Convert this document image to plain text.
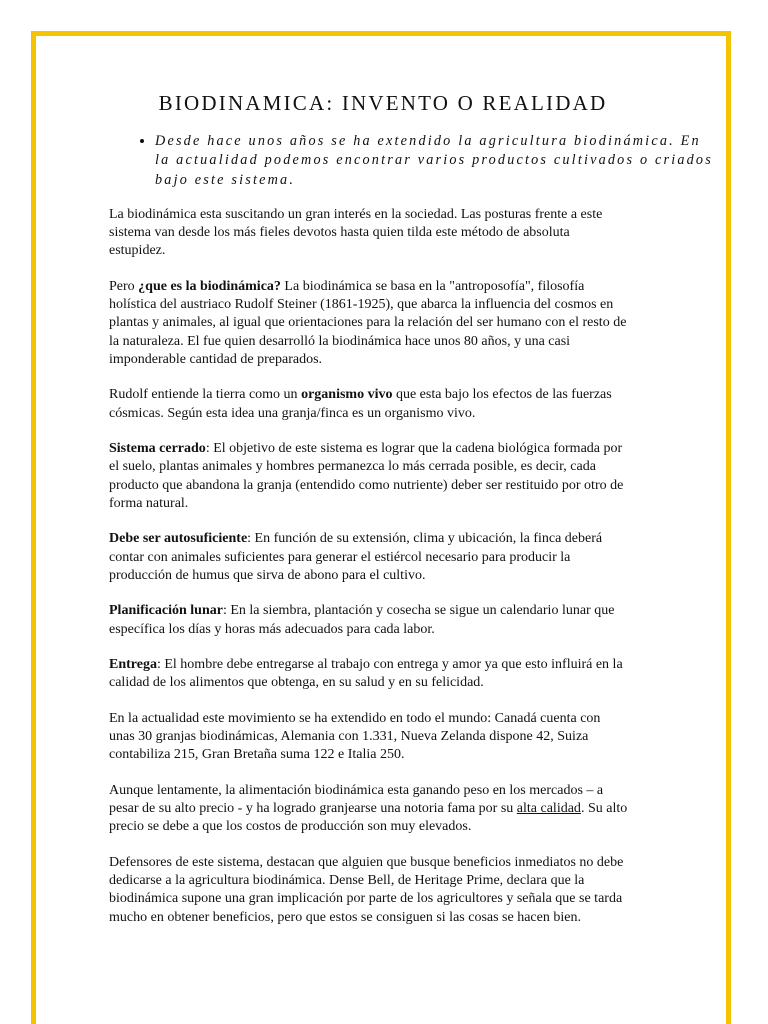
BIODINAMICA: INVENTO O REALIDAD
• Desde hace unos años se ha extendido la agricultura biodinámica. En la actualidad podemos encontrar varios productos cultivados o criados bajo este sistema.

La biodinámica esta suscitando un gran interés en la sociedad. Las posturas frente a este sistema van desde los más fieles devotos hasta quien tilda este método de absoluta estupidez.

Pero ¿que es la biodinámica? La biodinámica se basa en la "antroposofía", filosofía holística del austriaco Rudolf Steiner (1861-1925), que abarca la influencia del cosmos en plantas y animales, al igual que orientaciones para la relación del ser humano con el resto de la naturaleza. El fue quien desarrolló la biodinámica hace unos 80 años, y una casi imponderable cantidad de preparados.

Rudolf entiende la tierra como un organismo vivo que esta bajo los efectos de las fuerzas cósmicas. Según esta idea una granja/finca es un organismo vivo.

Sistema cerrado: El objetivo de este sistema es lograr que la cadena biológica formada por el suelo, plantas animales y hombres permanezca lo más cerrada posible, es decir, cada producto que abandona la granja (entendido como nutriente) deber ser restituido por otro de forma natural.

Debe ser autosuficiente: En función de su extensión, clima y ubicación, la finca deberá contar con animales suficientes para generar el estiércol necesario para producir la producción de humus que sirva de abono para el cultivo.

Planificación lunar: En la siembra, plantación y cosecha se sigue un calendario lunar que específica los días y horas más adecuados para cada labor.

Entrega: El hombre debe entregarse al trabajo con entrega y amor ya que esto influirá en la calidad de los alimentos que obtenga, en su salud y en su felicidad.

En la actualidad este movimiento se ha extendido en todo el mundo: Canadá cuenta con unas 30 granjas biodinámicas, Alemania con 1.331, Nueva Zelanda dispone 42, Suiza contabiliza 215, Gran Bretaña suma 122 e Italia 250.

Aunque lentamente, la alimentación biodinámica esta ganando peso en los mercados – a pesar de su alto precio - y ha logrado granjearse una notoria fama por su alta calidad. Su alto precio se debe a que los costos de producción son muy elevados.

Defensores de este sistema, destacan que alguien que busque beneficios inmediatos no debe dedicarse a la agricultura biodinámica. Dense Bell, de Heritage Prime, declara que la biodinámica supone una gran implicación por parte de los agricultores y señala que se tarda mucho en obtener beneficios, pero que estos se consiguen si las cosas se hacen bien.
